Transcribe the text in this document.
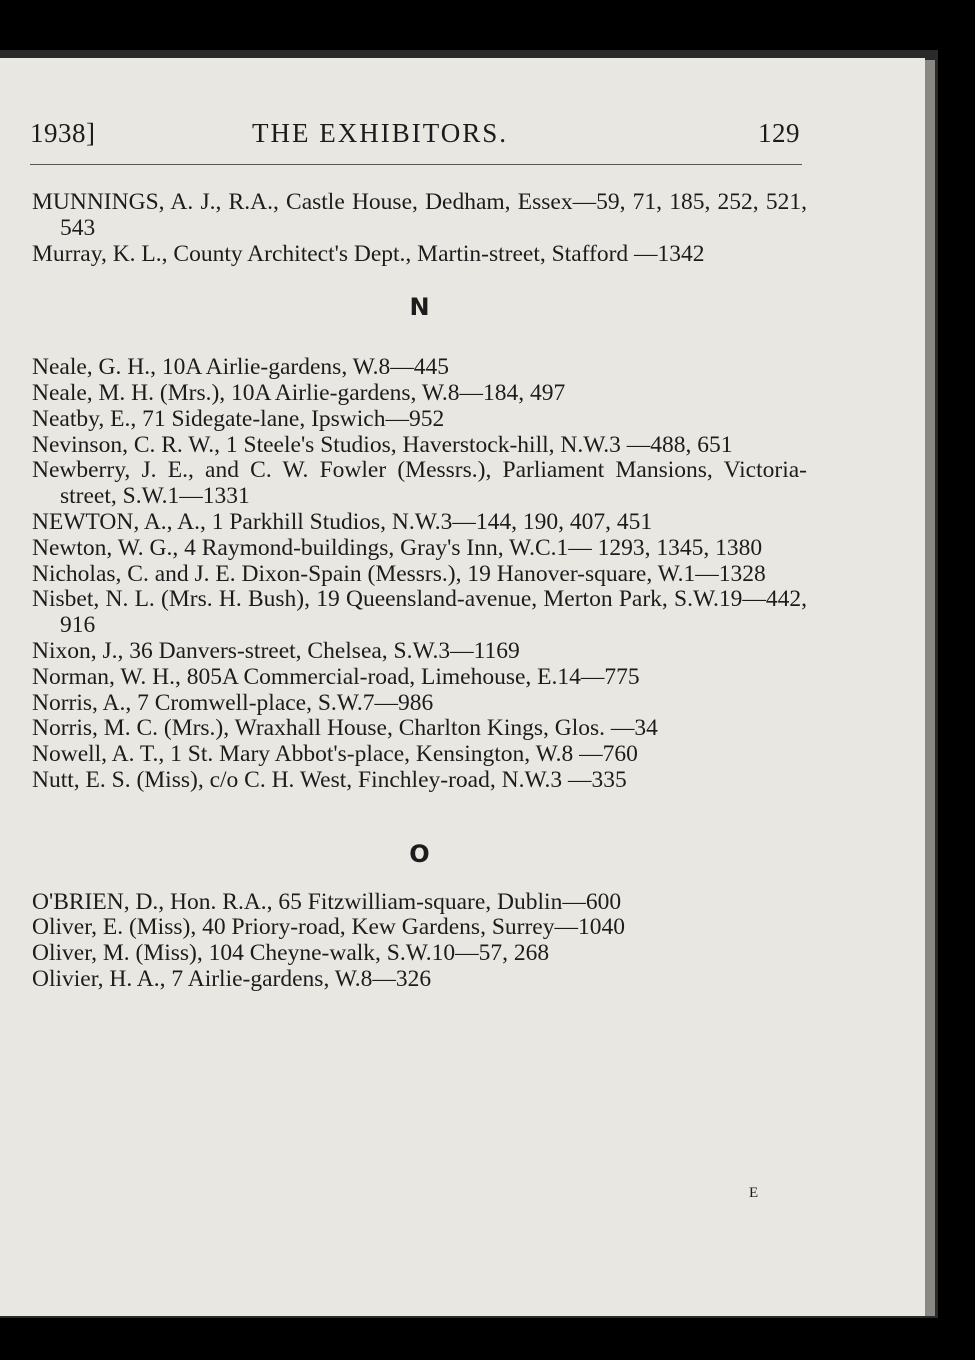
1938]	THE EXHIBITORS.	129
MUNNINGS, A. J., R.A., Castle House, Dedham, Essex—59, 71, 185, 252, 521, 543
Murray, K. L., County Architect's Dept., Martin-street, Stafford —1342
N
Neale, G. H., 10A Airlie-gardens, W.8—445
Neale, M. H. (Mrs.), 10A Airlie-gardens, W.8—184, 497
Neatby, E., 71 Sidegate-lane, Ipswich—952
Nevinson, C. R. W., 1 Steele's Studios, Haverstock-hill, N.W.3 —488, 651
Newberry, J. E., and C. W. Fowler (Messrs.), Parliament Mansions, Victoria-street, S.W.1—1331
NEWTON, A., A., 1 Parkhill Studios, N.W.3—144, 190, 407, 451
Newton, W. G., 4 Raymond-buildings, Gray's Inn, W.C.1— 1293, 1345, 1380
Nicholas, C. and J. E. Dixon-Spain (Messrs.), 19 Hanover-square, W.1—1328
Nisbet, N. L. (Mrs. H. Bush), 19 Queensland-avenue, Merton Park, S.W.19—442, 916
Nixon, J., 36 Danvers-street, Chelsea, S.W.3—1169
Norman, W. H., 805A Commercial-road, Limehouse, E.14—775
Norris, A., 7 Cromwell-place, S.W.7—986
Norris, M. C. (Mrs.), Wraxhall House, Charlton Kings, Glos. —34
Nowell, A. T., 1 St. Mary Abbot's-place, Kensington, W.8 —760
Nutt, E. S. (Miss), c/o C. H. West, Finchley-road, N.W.3 —335
O
O'BRIEN, D., Hon. R.A., 65 Fitzwilliam-square, Dublin—600
Oliver, E. (Miss), 40 Priory-road, Kew Gardens, Surrey—1040
Oliver, M. (Miss), 104 Cheyne-walk, S.W.10—57, 268
Olivier, H. A., 7 Airlie-gardens, W.8—326
E
